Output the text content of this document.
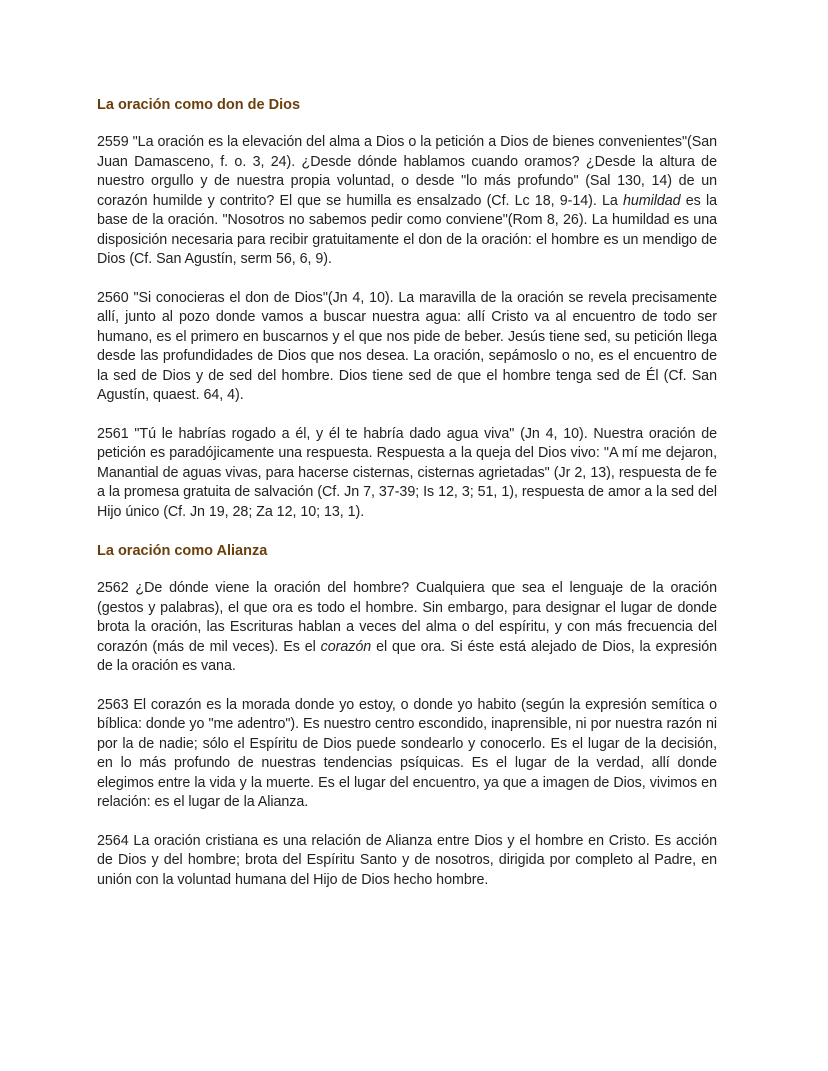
La oración como don de Dios

2559 "La oración es la elevación del alma a Dios o la petición a Dios de bienes convenientes"(San Juan Damasceno, f. o. 3, 24). ¿Desde dónde hablamos cuando oramos? ¿Desde la altura de nuestro orgullo y de nuestra propia voluntad, o desde "lo más profundo" (Sal 130, 14) de un corazón humilde y contrito? El que se humilla es ensalzado (Cf. Lc 18, 9-14). La humildad es la base de la oración. "Nosotros no sabemos pedir como conviene"(Rom 8, 26). La humildad es una disposición necesaria para recibir gratuitamente el don de la oración: el hombre es un mendigo de Dios (Cf. San Agustín, serm 56, 6, 9).

2560 "Si conocieras el don de Dios"(Jn 4, 10). La maravilla de la oración se revela precisamente allí, junto al pozo donde vamos a buscar nuestra agua: allí Cristo va al encuentro de todo ser humano, es el primero en buscarnos y el que nos pide de beber. Jesús tiene sed, su petición llega desde las profundidades de Dios que nos desea. La oración, sepámoslo o no, es el encuentro de la sed de Dios y de sed del hombre. Dios tiene sed de que el hombre tenga sed de Él (Cf. San Agustín, quaest. 64, 4).

2561 "Tú le habrías rogado a él, y él te habría dado agua viva" (Jn 4, 10). Nuestra oración de petición es paradójicamente una respuesta. Respuesta a la queja del Dios vivo: "A mí me dejaron, Manantial de aguas vivas, para hacerse cisternas, cisternas agrietadas" (Jr 2, 13), respuesta de fe a la promesa gratuita de salvación (Cf. Jn 7, 37-39; Is 12, 3; 51, 1), respuesta de amor a la sed del Hijo único (Cf. Jn 19, 28; Za 12, 10; 13, 1).

La oración como Alianza

2562 ¿De dónde viene la oración del hombre? Cualquiera que sea el lenguaje de la oración (gestos y palabras), el que ora es todo el hombre. Sin embargo, para designar el lugar de donde brota la oración, las Escrituras hablan a veces del alma o del espíritu, y con más frecuencia del corazón (más de mil veces). Es el corazón el que ora. Si éste está alejado de Dios, la expresión de la oración es vana.

2563 El corazón es la morada donde yo estoy, o donde yo habito (según la expresión semítica o bíblica: donde yo "me adentro"). Es nuestro centro escondido, inaprensible, ni por nuestra razón ni por la de nadie; sólo el Espíritu de Dios puede sondearlo y conocerlo. Es el lugar de la decisión, en lo más profundo de nuestras tendencias psíquicas. Es el lugar de la verdad, allí donde elegimos entre la vida y la muerte. Es el lugar del encuentro, ya que a imagen de Dios, vivimos en relación: es el lugar de la Alianza.

2564 La oración cristiana es una relación de Alianza entre Dios y el hombre en Cristo. Es acción de Dios y del hombre; brota del Espíritu Santo y de nosotros, dirigida por completo al Padre, en unión con la voluntad humana del Hijo de Dios hecho hombre.
